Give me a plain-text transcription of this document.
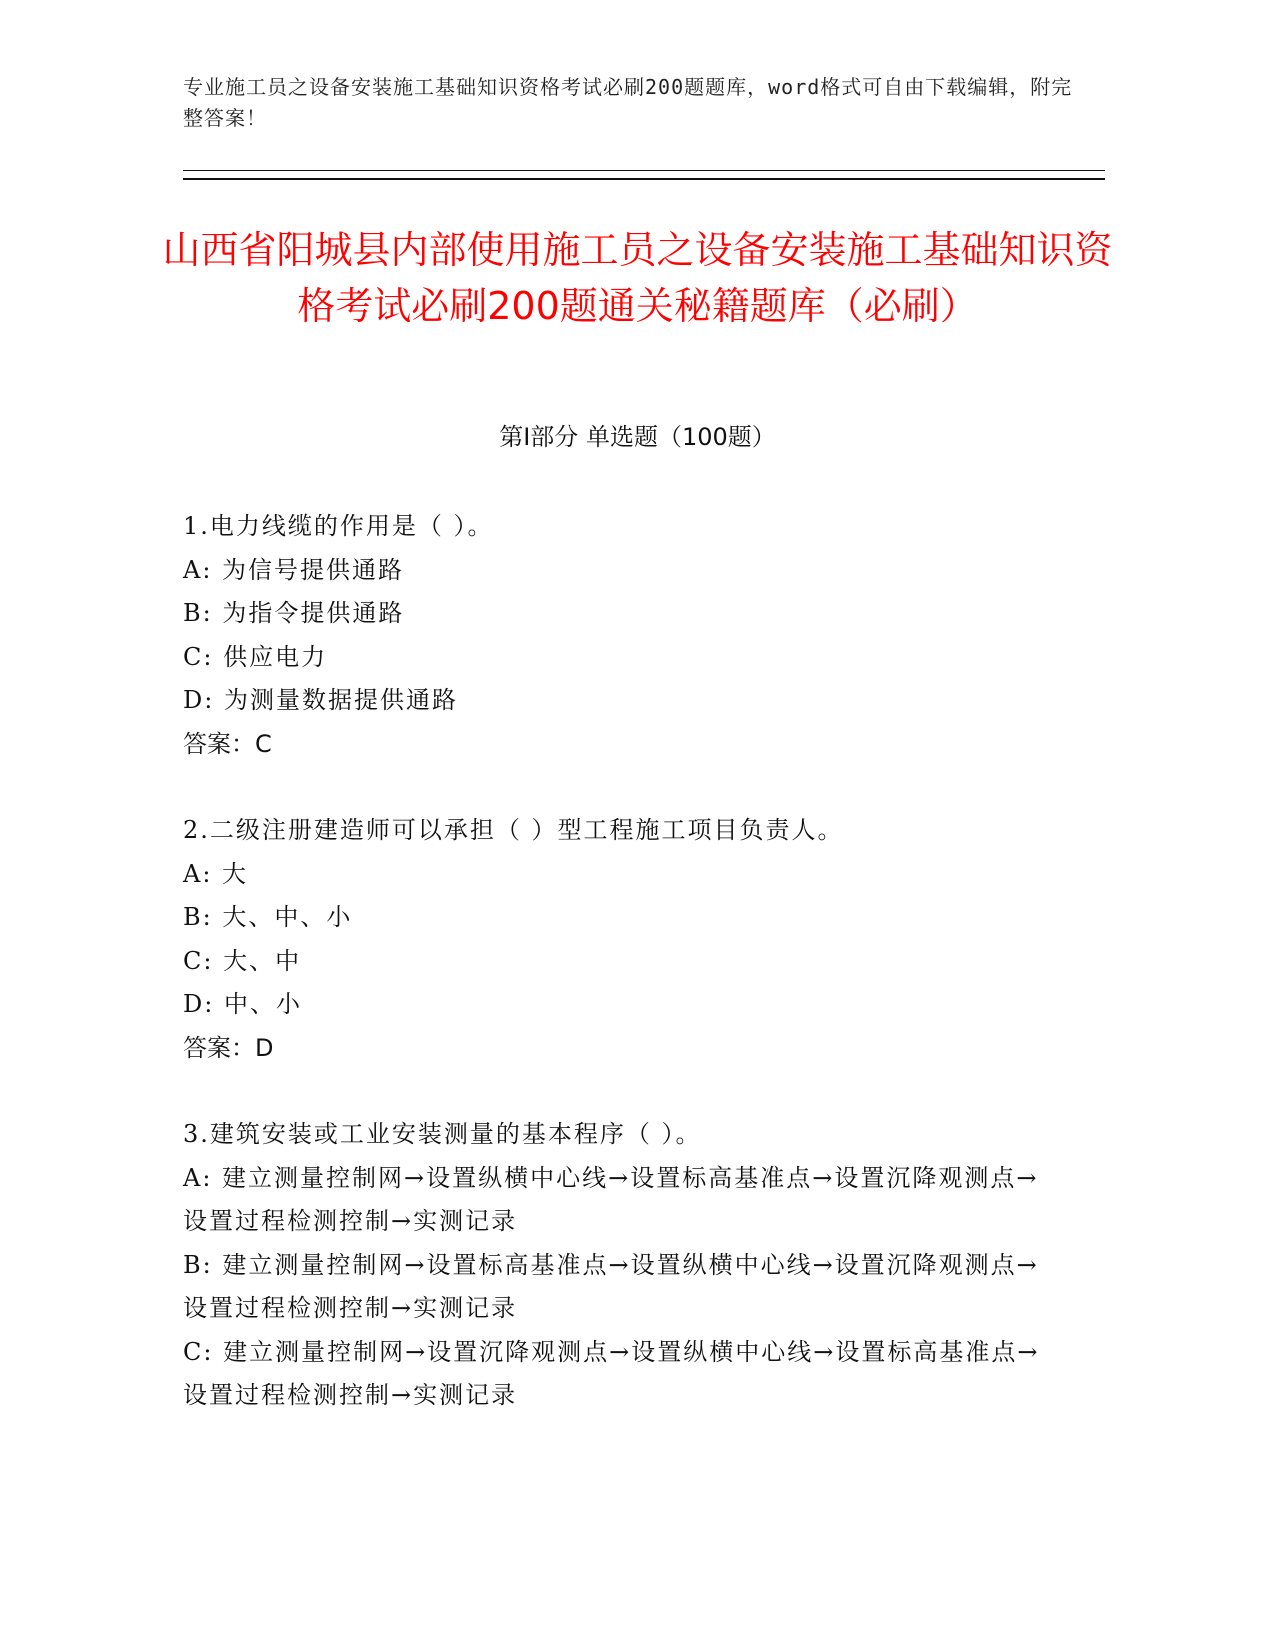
专业施工员之设备安装施工基础知识资格考试必刷200题题库，word格式可自由下载编辑，附完整答案！
山西省阳城县内部使用施工员之设备安装施工基础知识资格考试必刷200题通关秘籍题库（必刷）
第Ⅰ部分 单选题（100题）
1.电力线缆的作用是（ ）。
A: 为信号提供通路
B: 为指令提供通路
C: 供应电力
D: 为测量数据提供通路
答案：C
2.二级注册建造师可以承担（ ）型工程施工项目负责人。
A: 大
B: 大、中、小
C: 大、中
D: 中、小
答案：D
3.建筑安装或工业安装测量的基本程序（ ）。
A: 建立测量控制网→设置纵横中心线→设置标高基准点→设置沉降观测点→设置过程检测控制→实测记录
B: 建立测量控制网→设置标高基准点→设置纵横中心线→设置沉降观测点→设置过程检测控制→实测记录
C: 建立测量控制网→设置沉降观测点→设置纵横中心线→设置标高基准点→设置过程检测控制→实测记录
